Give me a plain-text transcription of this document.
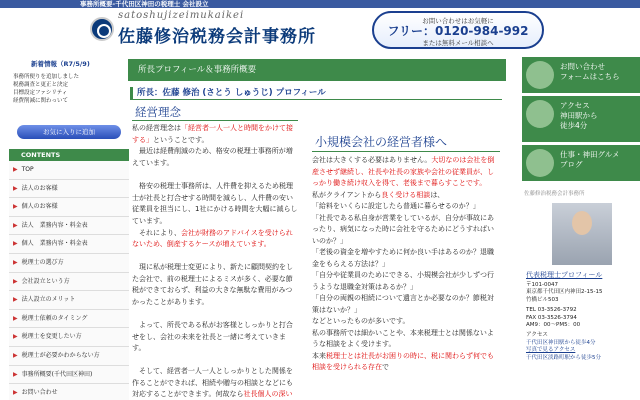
事務所概要-千代田区神田の税理士 会社設立
satoshujizeimukaikei
佐藤修治税務会計事務所
お問い合わせはお気軽に
フリー：0120-984-992
または無料メール相談へ
新着情報（R7/5/9)
事務所便りを追加しました
税務調査と更正と決定
目標設定ファシリティ
経費削減に関わっいて
お気に入りに追加
CONTENTS
▶ TOP
▶ 法人のお客様
▶ 個人のお客様
▶ 法人　業務内容・料金表
▶ 個人　業務内容・料金表
▶ 税理士の選び方
▶ 会社設立という方
▶ 法人設立のメリット
▶ 税理士依頼のタイミング
▶ 税理士を変更したい方
▶ 税理士が必要かわからない方
▶ 事務所概要(千代田区神田)
▶ お問い合わせ
所長プロフィール＆事務所概要
所長：佐藤 修治 (さとう しゅうじ) プロフィール
経営理念

私の経営理念は「経営者一人一人と時間をかけて接する」ということです。

最近は経費削減のため、格安の税理士事務所が増えています。

格安の税理士事務所は、人件費を抑えるため税理士が社長と打合せする時間を減らし、人件費の安い従業員を担当にし、1社にかける時間を大幅に減らしています。

それにより、会社が財務のアドバイスを受けられないため、倒産するケースが増えています。

現に私が税理士変更により、新たに顧問契約をした会社で、前の税理士によるミスが多く、必要な節税ができておらず、利益の大きな無駄な費用がみつかったことがあります。

よって、所長である私がお客様としっかりと打合せをし、会社の未来を社長と一緒に考えていきます。

そして、経営者一人一人としっかりとした関係を作ることができれば、相続や贈与の相談となどにも対応することができます。何故なら社長個人の深い

小規模会社の経営者様へ

会社は大きくする必要はありません。大切なのは会社を倒産させず継続し、社長や社長の家族や会社の従業員が、しっかり働き続け収入を得て、老後まで暮らすことです。

私がクライアントから良く受ける相談は、

「給料をいくらに設定したら普通に暮らせるのか？」

「社長である私自身が営業をしているが、自分が事故にあったり、病気になった時に会社を守るためにどうすればいいのか？」

「老後の資金を増やすために何か良い手はあるのか？退職金をもらえる方法は？」

「自分や従業員のためにできる、小規模会社が少しずつ行うような退職金対策はあるか？」

「自分の両親の相続について遺言とか必要なのか？節税対策はないか？」

などといったものが多いです。

私の事務所では細かいことや、本来税理士とは関係ないような相談をよく受けます。

本来税理士とは社長がお困りの時に、税に関わらず何でも相談を受けられる存在で

お問い合わせ
フォームはこちら
アクセス
神田駅から
徒歩4分
仕事・神田グルメ
ブログ
佐藤修治税務会計事務所
代表税理士プロフィール
〒101-0047
東京都千代田区内神田2-15-15
竹橋ビル503
TEL 03-3526-3792
FAX 03-3526-3794
AM9：00～PM5：00
アクセス
千代田区神田駅から徒歩4分
写真で見るアクセス
千代田区淡路町駅から徒歩5分
